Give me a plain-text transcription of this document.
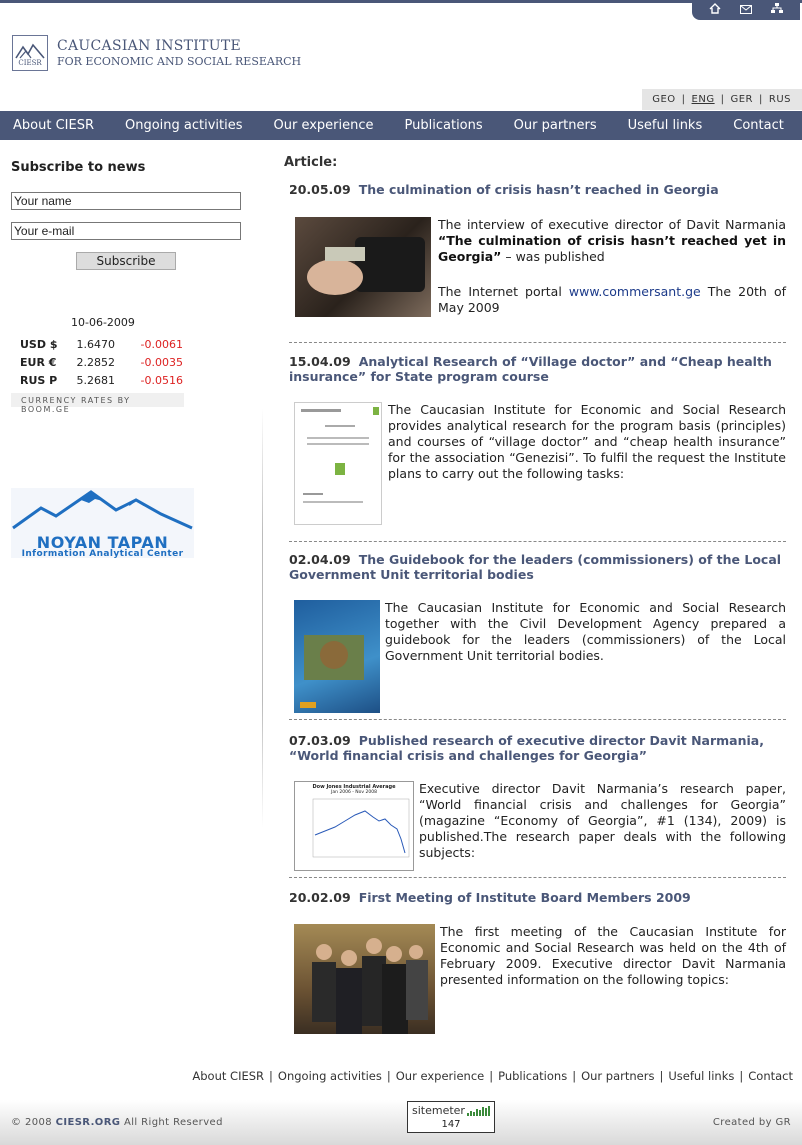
CIESR
CAUCASIAN INSTITUTE
FOR ECONOMIC AND SOCIAL RESEARCH
GEO | ENG | GER | RUS
About CIESR Ongoing activities Our experience Publications Our partners Useful links Contact
Subscribe to news
Your name Your e-mail
Subscribe
10-06-2009
USD $	1.6470	-0.0061
EUR €	2.2852	-0.0035
RUS P	5.2681	-0.0516
CURRENCY RATES BY BOOM.GE
NOYAN TAPAN
Information Analytical Center
Article:
20.05.09 The culmination of crisis hasn’t reached in Georgia
The interview of executive director of Davit Narmania “The culmination of crisis hasn’t reached yet in Georgia” – was published
The Internet portal www.commersant.ge The 20th of May 2009
15.04.09 Analytical Research of “Village doctor” and “Cheap health insurance” for State program course
The Caucasian Institute for Economic and Social Research provides analytical research for the program basis (principles) and courses of “village doctor” and “cheap health insurance” for the association “Genezisi”. To fulfil the request the Institute plans to carry out the following tasks:
02.04.09 The Guidebook for the leaders (commissioners) of the Local Government Unit territorial bodies
The Caucasian Institute for Economic and Social Research together with the Civil Development Agency prepared a guidebook for the leaders (commissioners) of the Local Government Unit territorial bodies.
07.03.09 Published research of executive director Davit Narmania, “World financial crisis and challenges for Georgia”
Dow Jones Industrial Average
Jan 2006 - Nov 2008	Executive director Davit Narmania’s research paper, “World financial crisis and challenges for Georgia” (magazine “Economy of Georgia”, #1 (134), 2009) is published.The research paper deals with the following subjects:
20.02.09 First Meeting of Institute Board Members 2009
The first meeting of the Caucasian Institute for Economic and Social Research was held on the 4th of February 2009. Executive director Davit Narmania presented information on the following topics:
About CIESR | Ongoing activities | Our experience | Publications | Our partners | Useful links | Contact
© 2008 CIESR.ORG All Right Reserved
sitemeter
147	Created by GR
